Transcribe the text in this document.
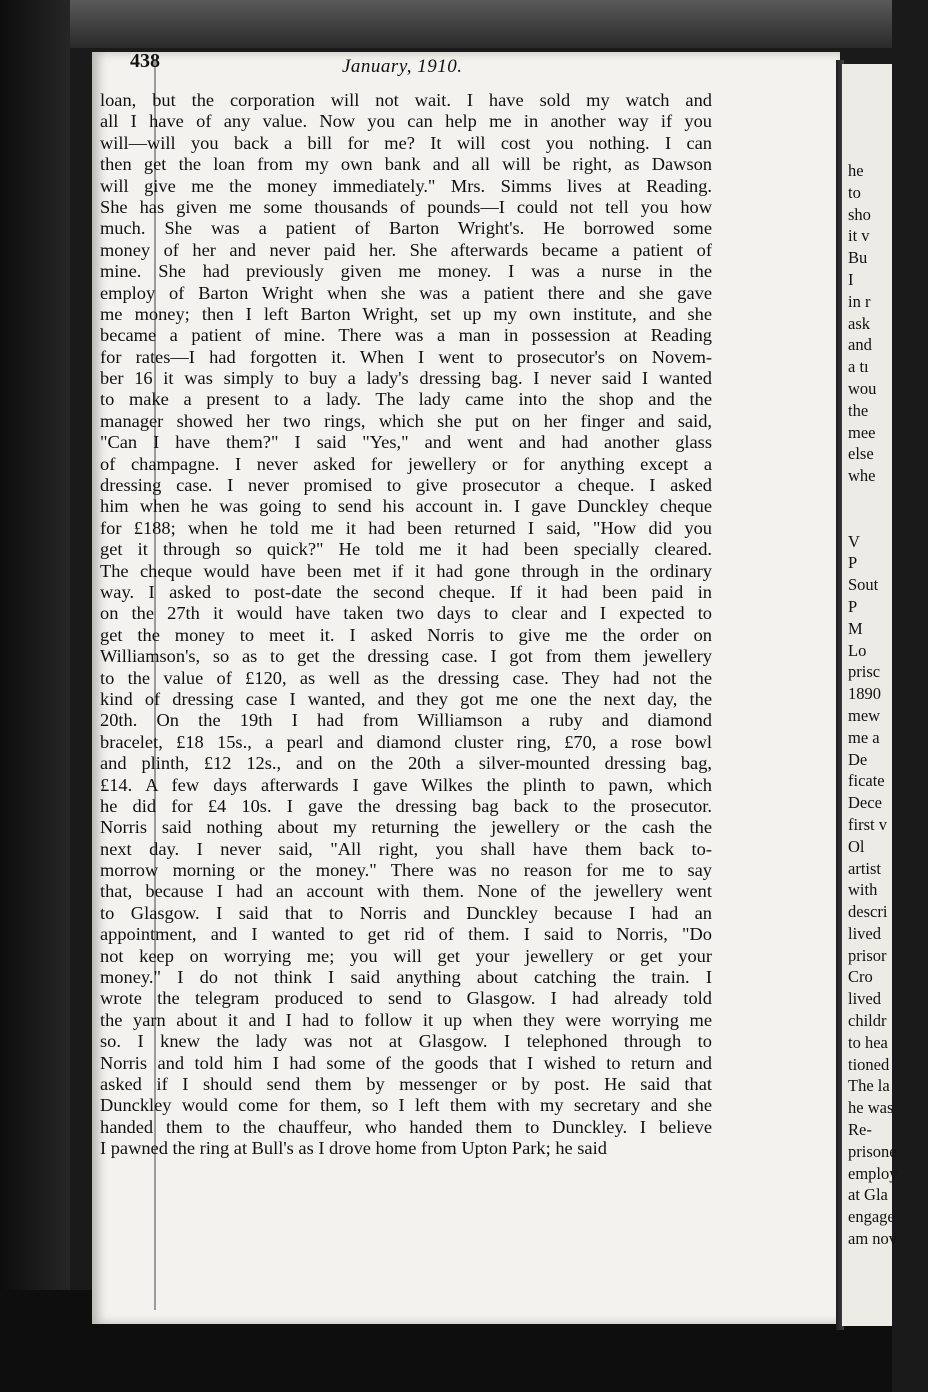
438	January, 1910.
loan, but the corporation will not wait. I have sold my watch and
all I have of any value. Now you can help me in another way if you
will—will you back a bill for me? It will cost you nothing. I can
then get the loan from my own bank and all will be right, as Dawson
will give me the money immediately." Mrs. Simms lives at Reading.
She has given me some thousands of pounds—I could not tell you how
much. She was a patient of Barton Wright's. He borrowed some
money of her and never paid her. She afterwards became a patient of
mine. She had previously given me money. I was a nurse in the
employ of Barton Wright when she was a patient there and she gave
me money; then I left Barton Wright, set up my own institute, and she
became a patient of mine. There was a man in possession at Reading
for rates—I had forgotten it. When I went to prosecutor's on Novem-
ber 16 it was simply to buy a lady's dressing bag. I never said I wanted
to make a present to a lady. The lady came into the shop and the
manager showed her two rings, which she put on her finger and said,
"Can I have them?" I said "Yes," and went and had another glass
of champagne. I never asked for jewellery or for anything except a
dressing case. I never promised to give prosecutor a cheque. I asked
him when he was going to send his account in. I gave Dunckley cheque
for £188; when he told me it had been returned I said, "How did you
get it through so quick?" He told me it had been specially cleared.
The cheque would have been met if it had gone through in the ordinary
way. I asked to post-date the second cheque. If it had been paid in
on the 27th it would have taken two days to clear and I expected to
get the money to meet it. I asked Norris to give me the order on
Williamson's, so as to get the dressing case. I got from them jewellery
to the value of £120, as well as the dressing case. They had not the
kind of dressing case I wanted, and they got me one the next day, the
20th. On the 19th I had from Williamson a ruby and diamond
bracelet, £18 15s., a pearl and diamond cluster ring, £70, a rose bowl
and plinth, £12 12s., and on the 20th a silver-mounted dressing bag,
£14. A few days afterwards I gave Wilkes the plinth to pawn, which
he did for £4 10s. I gave the dressing bag back to the prosecutor.
Norris said nothing about my returning the jewellery or the cash the
next day. I never said, "All right, you shall have them back to-
morrow morning or the money." There was no reason for me to say
that, because I had an account with them. None of the jewellery went
to Glasgow. I said that to Norris and Dunckley because I had an
appointment, and I wanted to get rid of them. I said to Norris, "Do
not keep on worrying me; you will get your jewellery or get your
money." I do not think I said anything about catching the train. I
wrote the telegram produced to send to Glasgow. I had already told
the yarn about it and I had to follow it up when they were worrying me
so. I knew the lady was not at Glasgow. I telephoned through to
Norris and told him I had some of the goods that I wished to return and
asked if I should send them by messenger or by post. He said that
Dunckley would come for them, so I left them with my secretary and she
handed them to the chauffeur, who handed them to Dunckley. I believe
I pawned the ring at Bull's as I drove home from Upton Park; he said
he
to
sho
it v
Bu
I
in r
ask
and
a tı
wou
the
mee
else
whe
V
P
Sout
P
M
Lo
prisc
1890
mew
me a
De
ficate
Dece
first v
Ol
artist
with
descri
lived
prisor
Cro
lived
childr
to hea
tioned
The la
he was
Re-
prisone
employ
at Gla
engage
am nov
